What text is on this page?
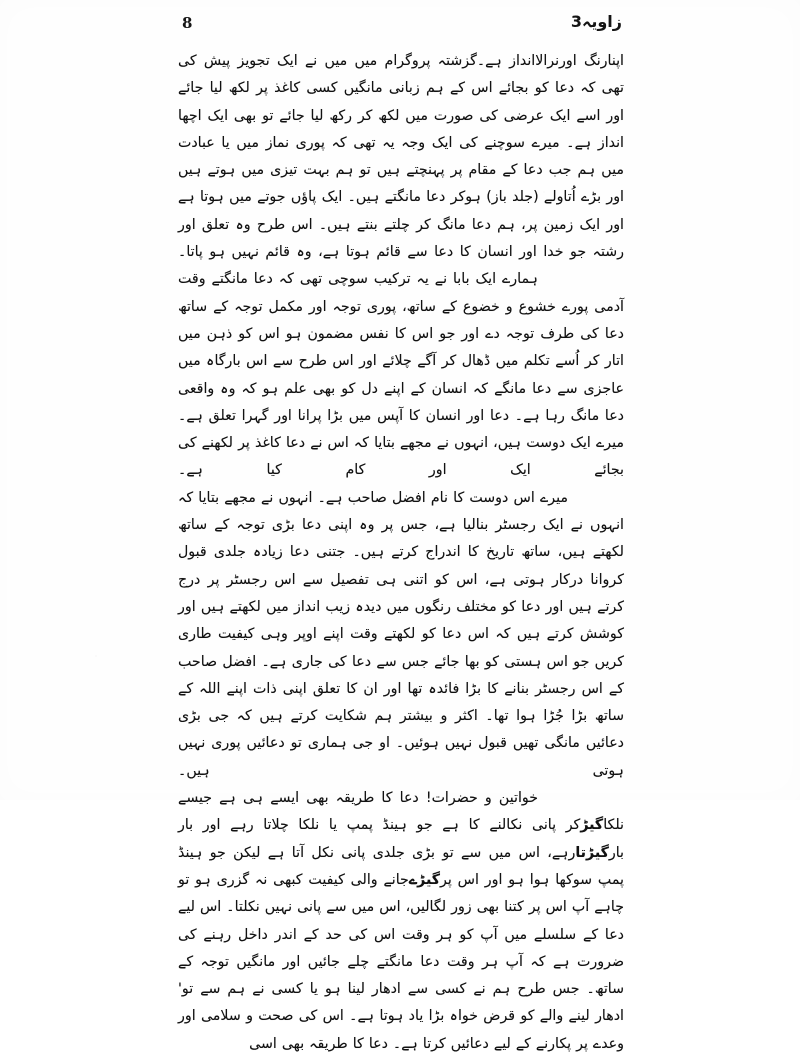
8	زاویہ3

اپنارنگ اورنرالاانداز ہے۔گزشتہ پروگرام میں میں نے ایک تجویز پیش کی تھی کہ دعا کو بجائے اس کے ہم زبانی مانگیں کسی کاغذ پر لکھ لیا جائے اور اسے ایک عرضی کی صورت میں لکھ کر رکھ لیا جائے تو بھی ایک اچھا انداز ہے۔ میرے سوچنے کی ایک وجہ یہ تھی کہ پوری نماز میں یا عبادت میں ہم جب دعا کے مقام پر پہنچتے ہیں تو ہم بہت تیزی میں ہوتے ہیں اور بڑے اُتاولے (جلد باز) ہوکر دعا مانگتے ہیں۔ ایک پاؤں جوتے میں ہوتا ہے اور ایک زمین پر، ہم دعا مانگ کر چلتے بنتے ہیں۔ اس طرح وہ تعلق اور رشتہ جو خدا اور انسان کا دعا سے قائم ہوتا ہے، وہ قائم نہیں ہو پاتا۔

ہمارے ایک بابا نے یہ ترکیب سوچی تھی کہ دعا مانگتے وقت آدمی پورے خشوع و خضوع کے ساتھ، پوری توجہ اور مکمل توجہ کے ساتھ دعا کی طرف توجہ دے اور جو اس کا نفس مضمون ہو اس کو ذہن میں اتار کر اُسے تکلم میں ڈھال کر آگے چلائے اور اس طرح سے اس بارگاہ میں عاجزی سے دعا مانگے کہ انسان کے اپنے دل کو بھی علم ہو کہ وہ واقعی دعا مانگ رہا ہے۔ دعا اور انسان کا آپس میں بڑا پرانا اور گہرا تعلق ہے۔ میرے ایک دوست ہیں، انہوں نے مجھے بتایا کہ اس نے دعا کاغذ پر لکھنے کی بجائے ایک اور کام کیا ہے۔

میرے اس دوست کا نام افضل صاحب ہے۔ انہوں نے مجھے بتایا کہ انہوں نے ایک رجسٹر بنالیا ہے، جس پر وہ اپنی دعا بڑی توجہ کے ساتھ لکھتے ہیں، ساتھ تاریخ کا اندراج کرتے ہیں۔ جتنی دعا زیادہ جلدی قبول کروانا درکار ہوتی ہے، اس کو اتنی ہی تفصیل سے اس رجسٹر پر درج کرتے ہیں اور دعا کو مختلف رنگوں میں دیدہ زیب انداز میں لکھتے ہیں اور کوشش کرتے ہیں کہ اس دعا کو لکھتے وقت اپنے اوپر وہی کیفیت طاری کریں جو اس ہستی کو بھا جائے جس سے دعا کی جاری ہے۔ افضل صاحب کے اس رجسٹر بنانے کا بڑا فائدہ تھا اور ان کا تعلق اپنی ذات اپنے اللہ کے ساتھ بڑا جُڑا ہوا تھا۔ اکثر و بیشتر ہم شکایت کرتے ہیں کہ جی بڑی دعائیں مانگی تھیں قبول نہیں ہوئیں۔ او جی ہماری تو دعائیں پوری نہیں ہوتی ہیں۔

خواتین و حضرات! دعا کا طریقہ بھی ایسے ہی ہے جیسے نلکاگیڑکر پانی نکالنے کا ہے جو ہینڈ پمپ یا نلکا چلاتا رہے اور بار بارگیڑتارہے، اس میں سے تو بڑی جلدی پانی نکل آتا ہے لیکن جو ہینڈ پمپ سوکھا ہوا ہو اور اس پرگیڑےجانے والی کیفیت کبھی نہ گزری ہو تو چاہے آپ اس پر کتنا بھی زور لگالیں، اس میں سے پانی نہیں نکلتا۔ اس لیے دعا کے سلسلے میں آپ کو ہر وقت اس کی حد کے اندر داخل رہنے کی ضرورت ہے کہ آپ ہر وقت دعا مانگتے چلے جائیں اور مانگیں توجہ کے ساتھ۔ جس طرح ہم نے کسی سے ادھار لینا ہو یا کسی نے ہم سے تو' ادھار لینے والے کو قرض خواہ بڑا یاد ہوتا ہے۔ اس کی صحت و سلامی اور وعدے پر پکارنے کے لیے دعائیں کرتا ہے۔ دعا کا طریقہ بھی اسی
